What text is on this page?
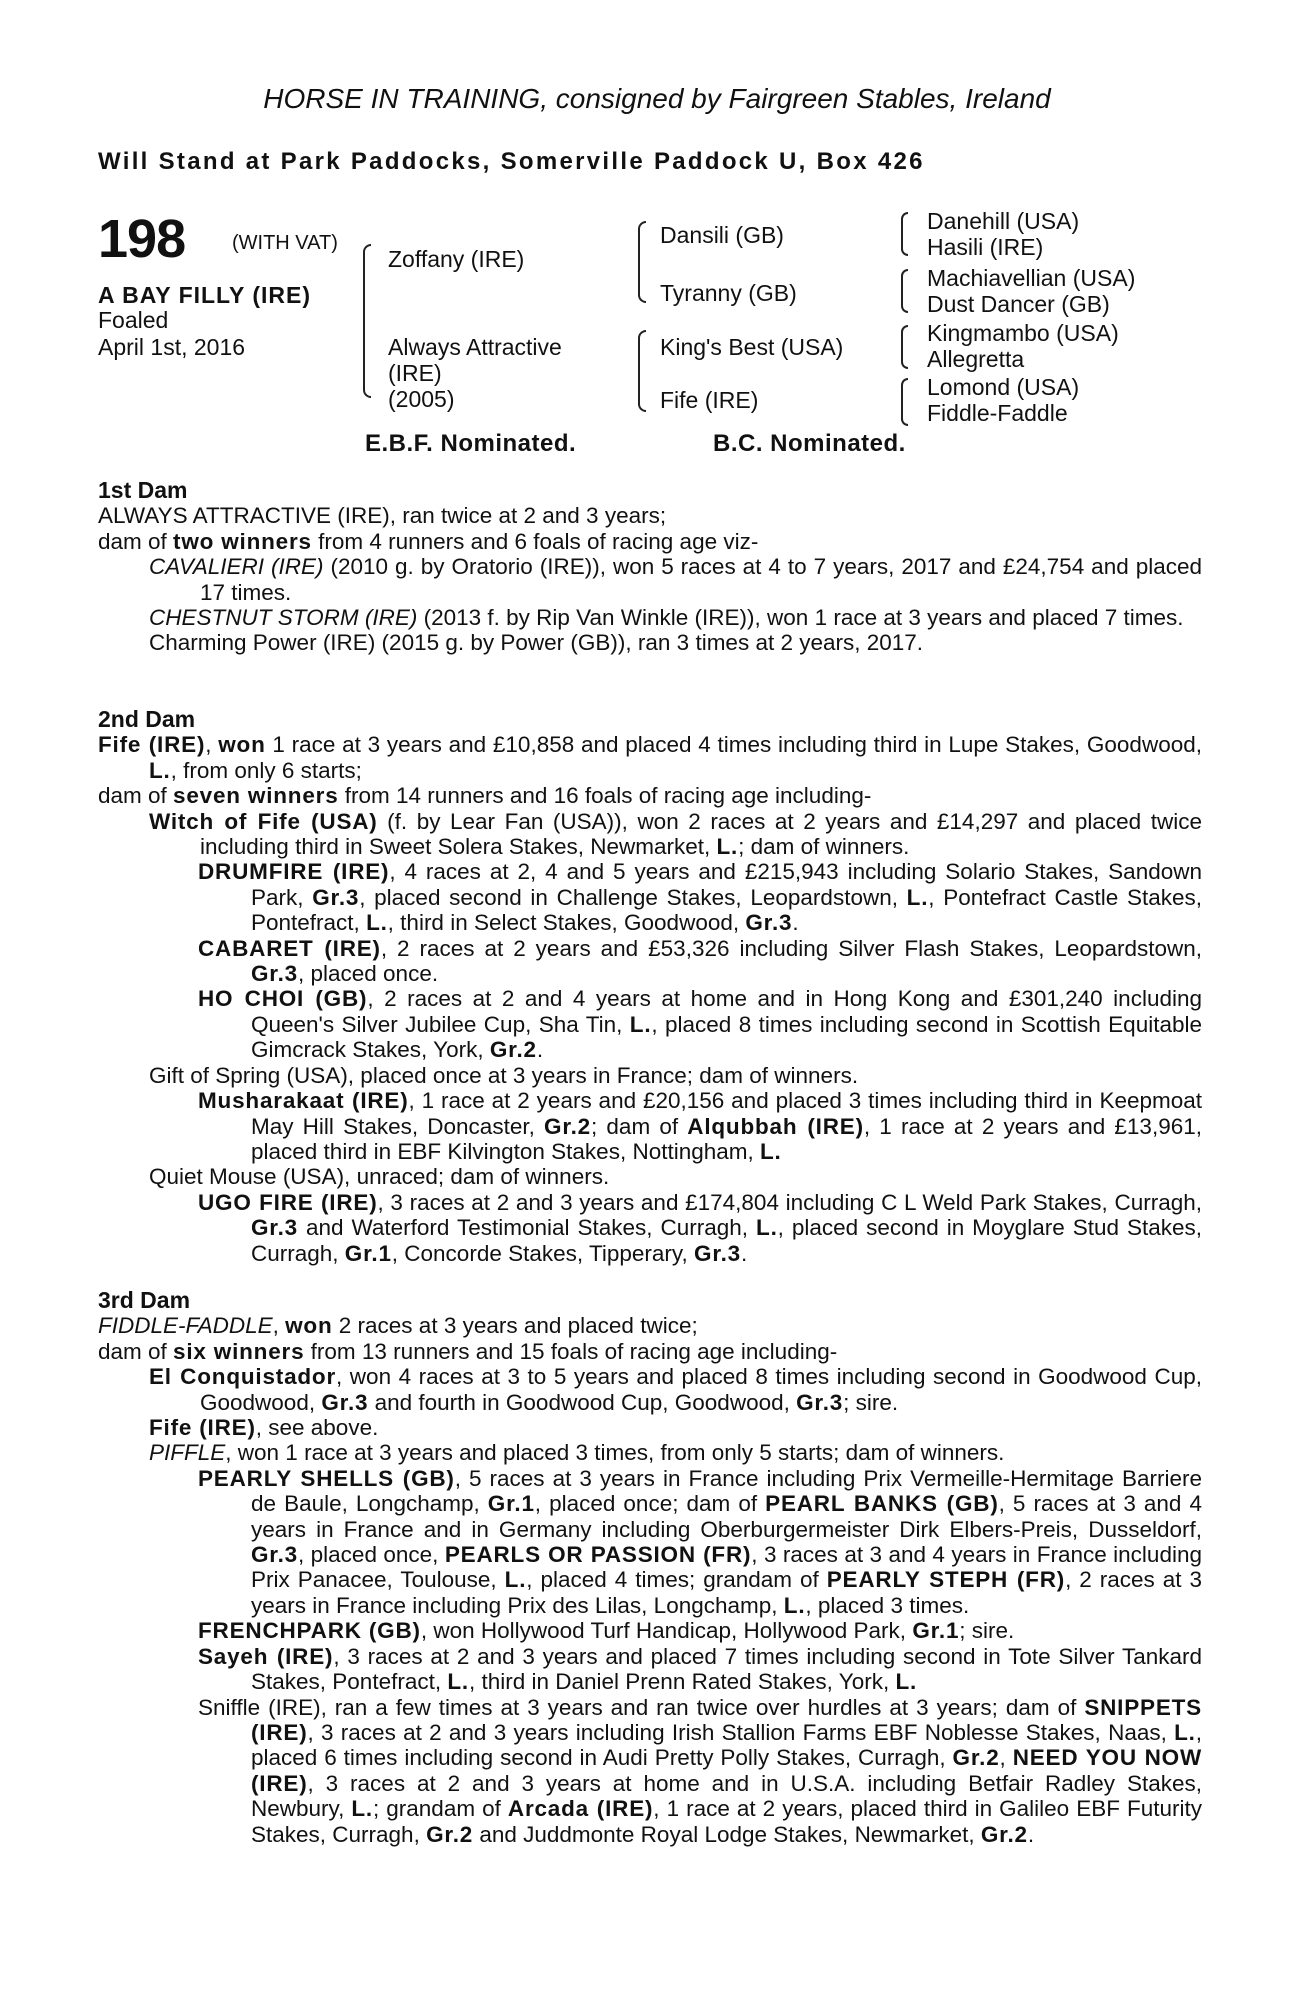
HORSE IN TRAINING, consigned by Fairgreen Stables, Ireland
Will Stand at Park Paddocks, Somerville Paddock U, Box 426
198 (WITH VAT)
A BAY FILLY (IRE)
Foaled
April 1st, 2016
Zoffany (IRE)
Always Attractive
(IRE)
(2005)
Dansili (GB)
Tyranny (GB)
King's Best (USA)
Fife (IRE)
Danehill (USA)
Hasili (IRE)
Machiavellian (USA)
Dust Dancer (GB)
Kingmambo (USA)
Allegretta
Lomond (USA)
Fiddle-Faddle
E.B.F. Nominated.	B.C. Nominated.

1st Dam

ALWAYS ATTRACTIVE (IRE), ran twice at 2 and 3 years;

dam of two winners from 4 runners and 6 foals of racing age viz-

CAVALIERI (IRE) (2010 g. by Oratorio (IRE)), won 5 races at 4 to 7 years, 2017 and £24,754 and placed 17 times.

CHESTNUT STORM (IRE) (2013 f. by Rip Van Winkle (IRE)), won 1 race at 3 years and placed 7 times.

Charming Power (IRE) (2015 g. by Power (GB)), ran 3 times at 2 years, 2017.

2nd Dam

Fife (IRE), won 1 race at 3 years and £10,858 and placed 4 times including third in Lupe Stakes, Goodwood, L., from only 6 starts;

dam of seven winners from 14 runners and 16 foals of racing age including-

Witch of Fife (USA) (f. by Lear Fan (USA)), won 2 races at 2 years and £14,297 and placed twice including third in Sweet Solera Stakes, Newmarket, L.; dam of winners.

DRUMFIRE (IRE), 4 races at 2, 4 and 5 years and £215,943 including Solario Stakes, Sandown Park, Gr.3, placed second in Challenge Stakes, Leopardstown, L., Pontefract Castle Stakes, Pontefract, L., third in Select Stakes, Goodwood, Gr.3.

CABARET (IRE), 2 races at 2 years and £53,326 including Silver Flash Stakes, Leopardstown, Gr.3, placed once.

HO CHOI (GB), 2 races at 2 and 4 years at home and in Hong Kong and £301,240 including Queen's Silver Jubilee Cup, Sha Tin, L., placed 8 times including second in Scottish Equitable Gimcrack Stakes, York, Gr.2.

Gift of Spring (USA), placed once at 3 years in France; dam of winners.

Musharakaat (IRE), 1 race at 2 years and £20,156 and placed 3 times including third in Keepmoat May Hill Stakes, Doncaster, Gr.2; dam of Alqubbah (IRE), 1 race at 2 years and £13,961, placed third in EBF Kilvington Stakes, Nottingham, L.

Quiet Mouse (USA), unraced; dam of winners.

UGO FIRE (IRE), 3 races at 2 and 3 years and £174,804 including C L Weld Park Stakes, Curragh, Gr.3 and Waterford Testimonial Stakes, Curragh, L., placed second in Moyglare Stud Stakes, Curragh, Gr.1, Concorde Stakes, Tipperary, Gr.3.

3rd Dam

FIDDLE-FADDLE, won 2 races at 3 years and placed twice;

dam of six winners from 13 runners and 15 foals of racing age including-

El Conquistador, won 4 races at 3 to 5 years and placed 8 times including second in Goodwood Cup, Goodwood, Gr.3 and fourth in Goodwood Cup, Goodwood, Gr.3; sire.

Fife (IRE), see above.

PIFFLE, won 1 race at 3 years and placed 3 times, from only 5 starts; dam of winners.

PEARLY SHELLS (GB), 5 races at 3 years in France including Prix Vermeille-Hermitage Barriere de Baule, Longchamp, Gr.1, placed once; dam of PEARL BANKS (GB), 5 races at 3 and 4 years in France and in Germany including Oberburgermeister Dirk Elbers-Preis, Dusseldorf, Gr.3, placed once, PEARLS OR PASSION (FR), 3 races at 3 and 4 years in France including Prix Panacee, Toulouse, L., placed 4 times; grandam of PEARLY STEPH (FR), 2 races at 3 years in France including Prix des Lilas, Longchamp, L., placed 3 times.

FRENCHPARK (GB), won Hollywood Turf Handicap, Hollywood Park, Gr.1; sire.

Sayeh (IRE), 3 races at 2 and 3 years and placed 7 times including second in Tote Silver Tankard Stakes, Pontefract, L., third in Daniel Prenn Rated Stakes, York, L.

Sniffle (IRE), ran a few times at 3 years and ran twice over hurdles at 3 years; dam of SNIPPETS (IRE), 3 races at 2 and 3 years including Irish Stallion Farms EBF Noblesse Stakes, Naas, L., placed 6 times including second in Audi Pretty Polly Stakes, Curragh, Gr.2, NEED YOU NOW (IRE), 3 races at 2 and 3 years at home and in U.S.A. including Betfair Radley Stakes, Newbury, L.; grandam of Arcada (IRE), 1 race at 2 years, placed third in Galileo EBF Futurity Stakes, Curragh, Gr.2 and Juddmonte Royal Lodge Stakes, Newmarket, Gr.2.
